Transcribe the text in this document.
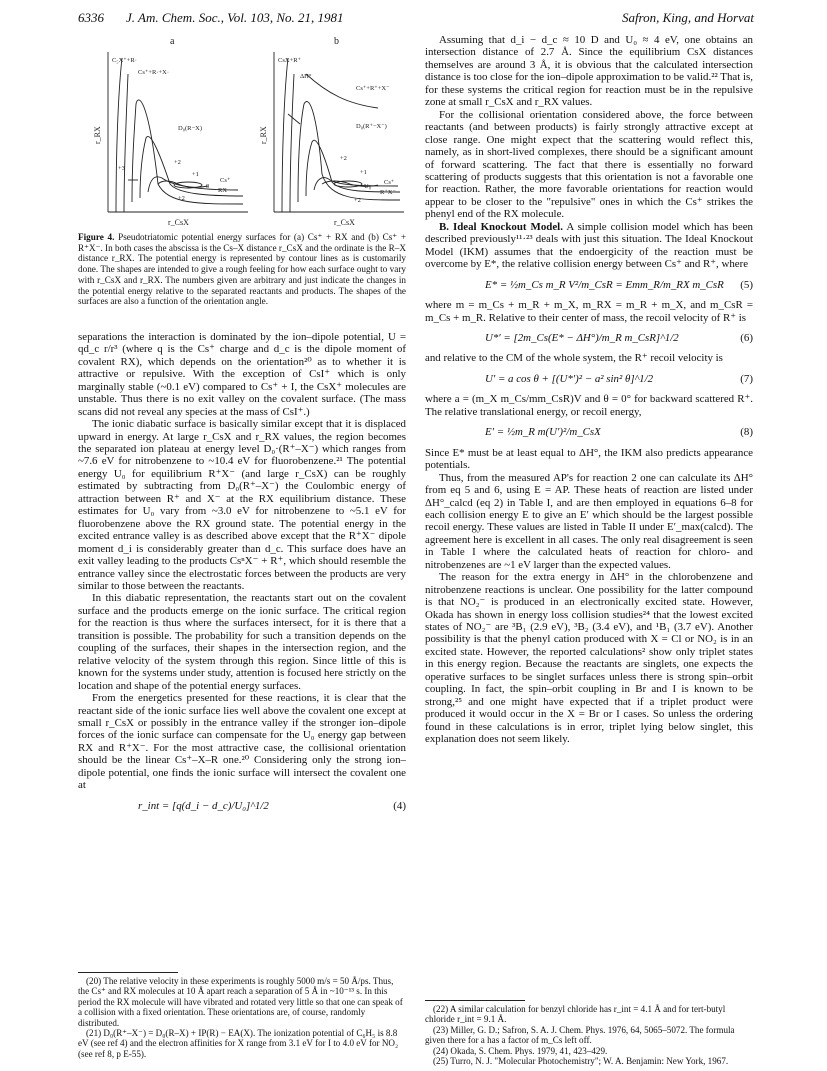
6336 J. Am. Chem. Soc., Vol. 103, No. 21, 1981	Safron, King, and Horvat
a	b
C₅X⁺+R·
Cs⁺+R·+X·
D₀(R−X)
+2
+3
+1
0
Cs⁺
RX
+2
CsX+R⁺
ΔH°
Cs⁺+R⁺+X⁻
D₀(R⁺−X⁻)
+2
+1
U₀
Cs⁺
R⁺X⁻
+2
r_RX	r_RX
r_CsX	r_CsX
Figure 4. Pseudotriatomic potential energy surfaces for (a) Cs⁺ + RX and (b) Cs⁺ + R⁺X⁻. In both cases the abscissa is the Cs–X distance r_CsX and the ordinate is the R–X distance r_RX. The potential energy is represented by contour lines as is customarily done. The shapes are intended to give a rough feeling for how each surface ought to vary with r_CsX and r_RX. The numbers given are arbitrary and just indicate the changes in the potential energy relative to the separated reactants and products. The shapes of the surfaces are also a function of the orientation angle.

separations the interaction is dominated by the ion–dipole potential, U = qd_c r/r³ (where q is the Cs⁺ charge and d_c is the dipole moment of covalent RX), which depends on the orientation²⁰ as to whether it is attractive or repulsive. With the exception of CsI⁺ which is only marginally stable (~0.1 eV) compared to Cs⁺ + I, the CsX⁺ molecules are unstable. Thus there is no exit valley on the covalent surface. (The mass scans did not reveal any species at the mass of CsI⁺.)

The ionic diabatic surface is basically similar except that it is displaced upward in energy. At large r_CsX and r_RX values, the region becomes the separated ion plateau at energy level D₀·(R⁺–X⁻) which ranges from ~7.6 eV for nitrobenzene to ~10.4 eV for fluorobenzene.²¹ The potential energy U₀ for equilibrium R⁺X⁻ (and large r_CsX) can be roughly estimated by subtracting from D₀(R⁺–X⁻) the Coulombic energy of attraction between R⁺ and X⁻ at the RX equilibrium distance. These estimates for U₀ vary from ~3.0 eV for nitrobenzene to ~5.1 eV for fluorobenzene above the RX ground state. The potential energy in the excited entrance valley is as described above except that the R⁺X⁻ dipole moment d_i is considerably greater than d_c. This surface does have an exit valley leading to the products CsⁿX⁻ + R⁺, which should resemble the entrance valley since the electrostatic forces between the products are very similar to those between the reactants.

In this diabatic representation, the reactants start out on the covalent surface and the products emerge on the ionic surface. The critical region for the reaction is thus where the surfaces intersect, for it is there that a transition is possible. The probability for such a transition depends on the coupling of the surfaces, their shapes in the intersection region, and the relative velocity of the system through this region. Since little of this is known for the systems under study, attention is focused here strictly on the location and shape of the potential energy surfaces.

From the energetics presented for these reactions, it is clear that the reactant side of the ionic surface lies well above the covalent one except at small r_CsX or possibly in the entrance valley if the stronger ion–dipole forces of the ionic surface can compensate for the U₀ energy gap between RX and R⁺X⁻. For the most attractive case, the collisional orientation should be the linear Cs⁺–X–R one.²⁰ Considering only the strong ion–dipole potential, one finds the ionic surface will intersect the covalent one at

r_int = [q(d_i − d_c)/U₀]^1/2	(4)

(20) The relative velocity in these experiments is roughly 5000 m/s = 50 Å/ps. Thus, the Cs⁺ and RX molecules at 10 Å apart reach a separation of 5 Å in ~10⁻¹³ s. In this period the RX molecule will have vibrated and rotated very little so that one can speak of a collision with a fixed orientation. These orientations are, of course, randomly distributed.

(21) D₀(R⁺–X⁻) = D₀(R–X) + IP(R) − EA(X). The ionization potential of C₆H₅ is 8.8 eV (see ref 4) and the electron affinities for X range from 3.1 eV for I to 4.0 eV for NO₂ (see ref 8, p E-55).

Assuming that d_i − d_c ≈ 10 D and U₀ ≈ 4 eV, one obtains an intersection distance of 2.7 Å. Since the equilibrium CsX distances themselves are around 3 Å, it is obvious that the calculated intersection distance is too close for the ion–dipole approximation to be valid.²² That is, for these systems the critical region for reaction must be in the repulsive zone at small r_CsX and r_RX values.

For the collisional orientation considered above, the force between reactants (and between products) is fairly strongly attractive except at close range. One might expect that the scattering would reflect this, namely, as in short-lived complexes, there should be a significant amount of forward scattering. The fact that there is essentially no forward scattering of products suggests that this orientation is not a favorable one for reaction. Rather, the more favorable orientations for reaction would appear to be closer to the "repulsive" ones in which the Cs⁺ strikes the phenyl end of the RX molecule.

B. Ideal Knockout Model. A simple collision model which has been described previously¹¹·²³ deals with just this situation. The Ideal Knockout Model (IKM) assumes that the endoergicity of the reaction must be overcome by E*, the relative collision energy between Cs⁺ and R⁺, where

E* = ½m_Cs m_R V²/m_CsR = Emm_R/m_RX m_CsR (5)

where m = m_Cs + m_R + m_X, m_RX = m_R + m_X, and m_CsR = m_Cs + m_R. Relative to their center of mass, the recoil velocity of R⁺ is

U*′ = [2m_Cs(E* − ΔH°)/m_R m_CsR]^1/2	(6)

and relative to the CM of the whole system, the R⁺ recoil velocity is

U′ = a cos θ + [(U*′)² − a² sin² θ]^1/2	(7)

where a = (m_X m_Cs/mm_CsR)V and θ = 0° for backward scattered R⁺. The relative translational energy, or recoil energy,

E′ = ½m_R m(U′)²/m_CsX	(8)

Since E* must be at least equal to ΔH°, the IKM also predicts appearance potentials.

Thus, from the measured AP's for reaction 2 one can calculate its ΔH° from eq 5 and 6, using E = AP. These heats of reaction are listed under ΔH°_calcd (eq 2) in Table I, and are then employed in equations 6–8 for each collision energy E to give an E′ which should be the largest possible recoil energy. These values are listed in Table II under E′_max(calcd). The agreement here is excellent in all cases. The only real disagreement is seen in Table I where the calculated heats of reaction for chloro- and nitrobenzenes are ~1 eV larger than the expected values.

The reason for the extra energy in ΔH° in the chlorobenzene and nitrobenzene reactions is unclear. One possibility for the latter compound is that NO₂⁻ is produced in an electronically excited state. However, Okada has shown in energy loss collision studies²⁴ that the lowest excited states of NO₂⁻ are ³B₁ (2.9 eV), ³B₂ (3.4 eV), and ¹B₁ (3.7 eV). Another possibility is that the phenyl cation produced with X = Cl or NO₂ is in an excited state. However, the reported calculations² show only triplet states in this energy region. Because the reactants are singlets, one expects the operative surfaces to be singlet surfaces unless there is strong spin–orbit coupling. In fact, the spin–orbit coupling in Br and I is known to be strong,²⁵ and one might have expected that if a triplet product were produced it would occur in the X = Br or I cases. So unless the ordering found in these calculations is in error, triplet lying below singlet, this explanation does not seem likely.

(22) A similar calculation for benzyl chloride has r_int = 4.1 Å and for tert-butyl chloride r_int = 9.1 Å.

(23) Miller, G. D.; Safron, S. A. J. Chem. Phys. 1976, 64, 5065–5072. The formula given there for a has a factor of m_Cs left off.

(24) Okada, S. Chem. Phys. 1979, 41, 423–429.

(25) Turro, N. J. "Molecular Photochemistry"; W. A. Benjamin: New York, 1967.
